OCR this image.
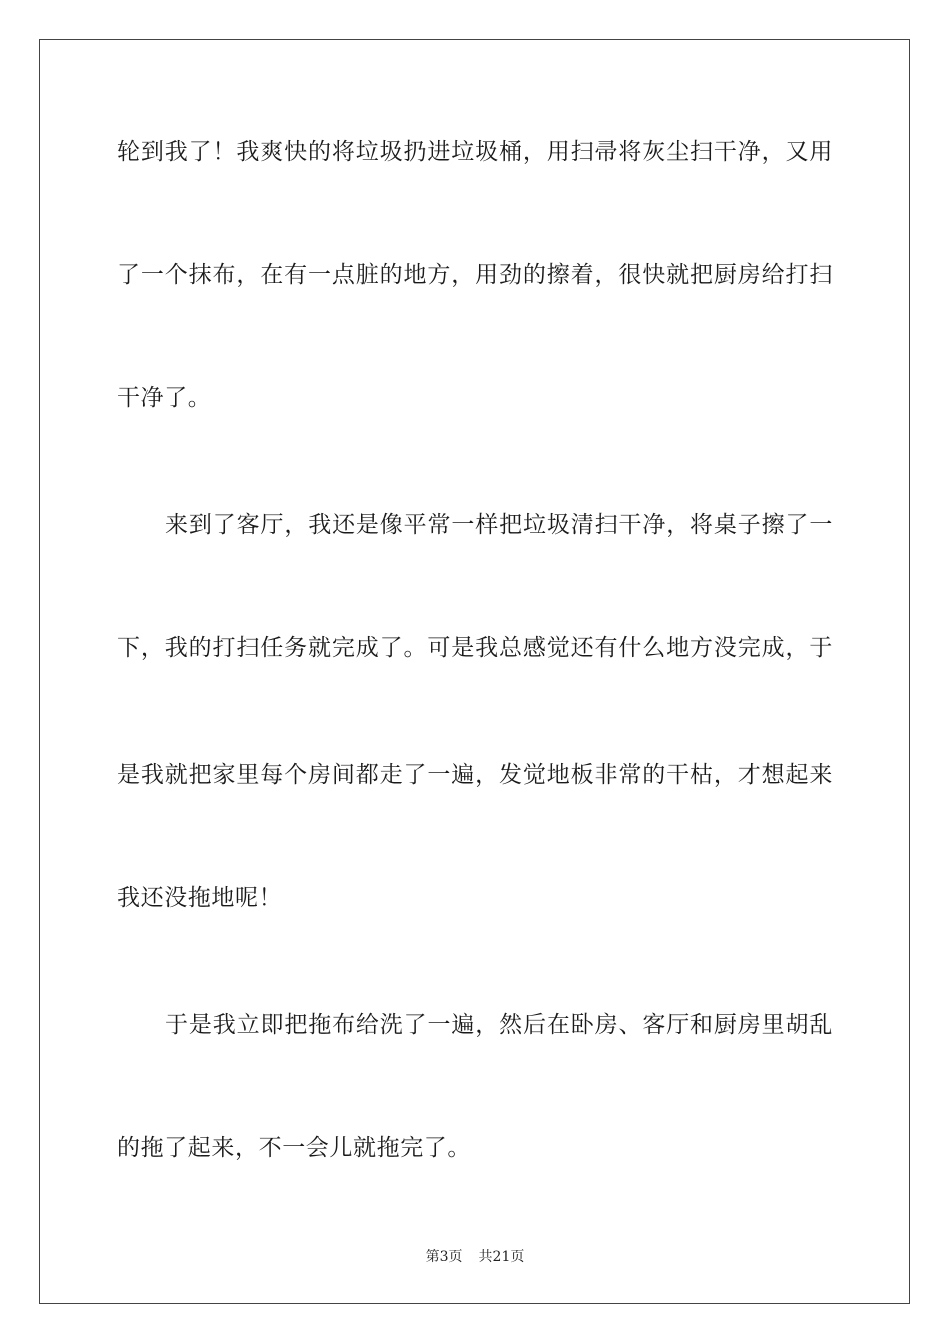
轮到我了！我爽快的将垃圾扔进垃圾桶，用扫帚将灰尘扫干净，又用
了一个抹布，在有一点脏的地方，用劲的擦着，很快就把厨房给打扫
干净了。
来到了客厅，我还是像平常一样把垃圾清扫干净，将桌子擦了一
下，我的打扫任务就完成了。可是我总感觉还有什么地方没完成，于
是我就把家里每个房间都走了一遍，发觉地板非常的干枯，才想起来
我还没拖地呢！
于是我立即把拖布给洗了一遍，然后在卧房、客厅和厨房里胡乱
的拖了起来，不一会儿就拖完了。
第3页 共21页
